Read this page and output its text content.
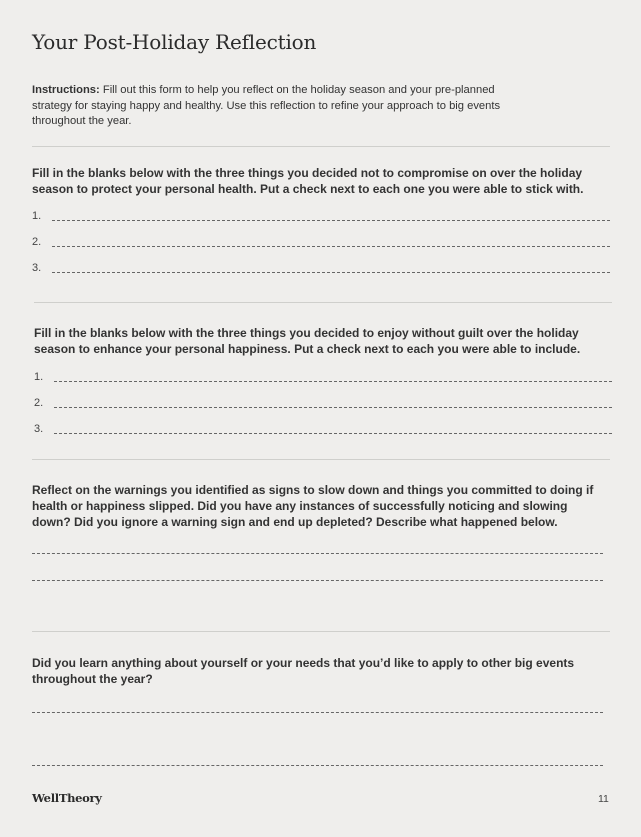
Your Post-Holiday Reflection
Instructions: Fill out this form to help you reflect on the holiday season and your pre-planned strategy for staying happy and healthy. Use this reflection to refine your approach to big events throughout the year.
Fill in the blanks below with the three things you decided not to compromise on over the holiday season to protect your personal health. Put a check next to each one you were able to stick with.
1.
2.
3.
Fill in the blanks below with the three things you decided to enjoy without guilt over the holiday season to enhance your personal happiness. Put a check next to each you were able to include.
1.
2.
3.
Reflect on the warnings you identified as signs to slow down and things you committed to doing if health or happiness slipped. Did you have any instances of successfully noticing and slowing down? Did you ignore a warning sign and end up depleted? Describe what happened below.
Did you learn anything about yourself or your needs that you’d like to apply to other big events throughout the year?
WellTheory	11
